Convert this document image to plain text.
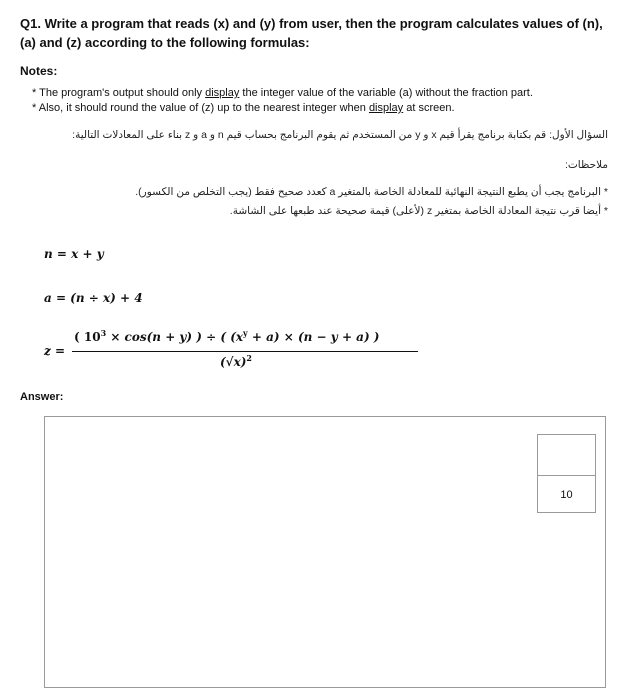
Q1. Write a program that reads (x) and (y) from user, then the program calculates values of (n),
(a) and (z) according to the following formulas:
Notes:
* The program's output should only display the integer value of the variable (a) without the fraction part.
* Also, it should round the value of (z) up to the nearest integer when display at screen.
السؤال الأول: قم بكتابة برنامج يقرأ قيم x و y من المستخدم ثم يقوم البرنامج بحساب قيم n و a و z بناء على المعادلات التالية:
ملاحظات:
* البرنامج يجب أن يطبع النتيجة النهائية للمعادلة الخاصة بالمتغير a كعدد صحيح فقط (يجب التخلص من الكسور).
* أيضا قرب نتيجة المعادلة الخاصة بمتغير z (لأعلى) قيمة صحيحة عند طبعها على الشاشة.
n = x + y
a = (n ÷ x) + 4
z =
( $10^3 \times \cos(n + y)$ ) ÷ ( $(x^y + a) \times (n - y + a)$ )
$(√x)^2$
Answer:
10
